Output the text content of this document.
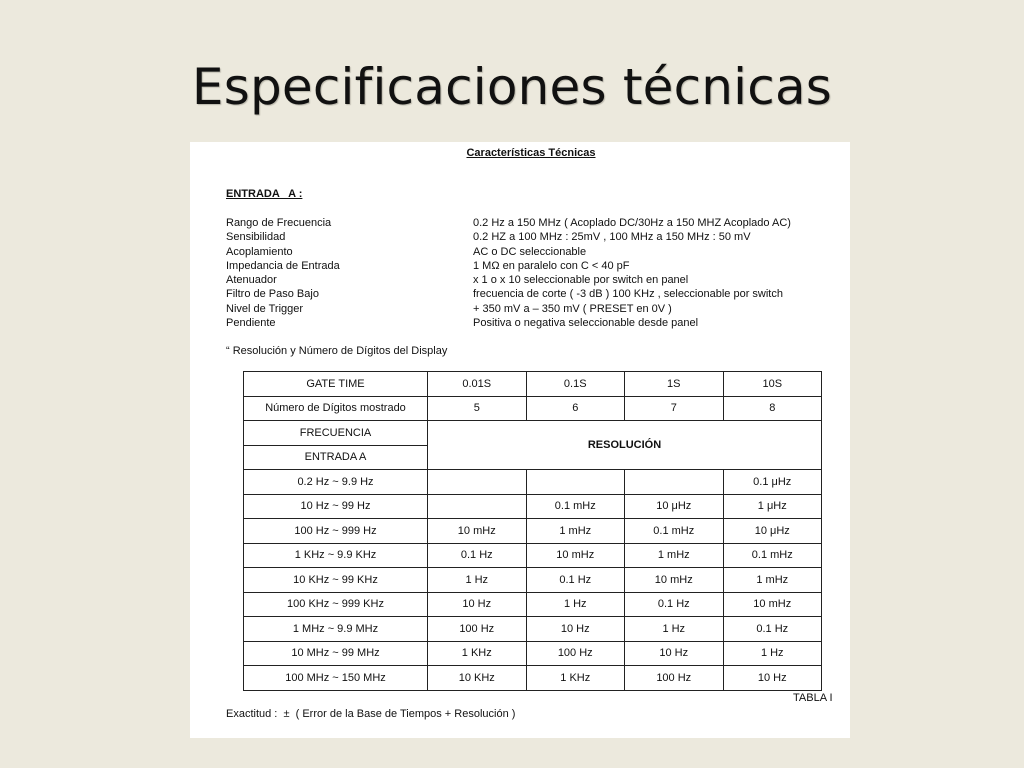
Especificaciones técnicas
Características Técnicas
ENTRADA   A :
Rango de Frecuencia	0.2 Hz a 150 MHz ( Acoplado DC/30Hz a 150 MHZ Acoplado AC)
Sensibilidad	0.2 HZ a 100 MHz : 25mV , 100 MHz a 150 MHz : 50 mV
Acoplamiento	AC o DC seleccionable
Impedancia de Entrada	1 MΩ en paralelo con C < 40 pF
Atenuador	x 1 o x 10 seleccionable por switch en panel
Filtro de Paso Bajo	frecuencia de corte ( -3 dB ) 100 KHz , seleccionable por switch
Nivel de Trigger	+ 350 mV a – 350 mV ( PRESET en 0V )
Pendiente	Positiva o negativa seleccionable desde panel
“ Resolución y Número de Dígitos del Display
GATE TIME	0.01S	0.1S	1S	10S
Número de Dígitos mostrado	5	6	7	8
FRECUENCIA	RESOLUCIÓN			
ENTRADA A				
0.2 Hz ~ 9.9 Hz				0.1 μHz
10 Hz ~ 99 Hz		0.1 mHz	10 μHz	1 μHz
100 Hz ~ 999 Hz	10 mHz	1 mHz	0.1 mHz	10 μHz
1 KHz ~ 9.9 KHz	0.1 Hz	10 mHz	1 mHz	0.1 mHz
10 KHz ~ 99 KHz	1 Hz	0.1 Hz	10 mHz	1 mHz
100 KHz ~ 999 KHz	10 Hz	1 Hz	0.1 Hz	10 mHz
1 MHz ~ 9.9 MHz	100 Hz	10 Hz	1 Hz	0.1 Hz
10 MHz ~ 99 MHz	1 KHz	100 Hz	10 Hz	1 Hz
100 MHz ~ 150 MHz	10 KHz	1 KHz	100 Hz	10 Hz
TABLA I
Exactitud :  ±  ( Error de la Base de Tiempos + Resolución )
